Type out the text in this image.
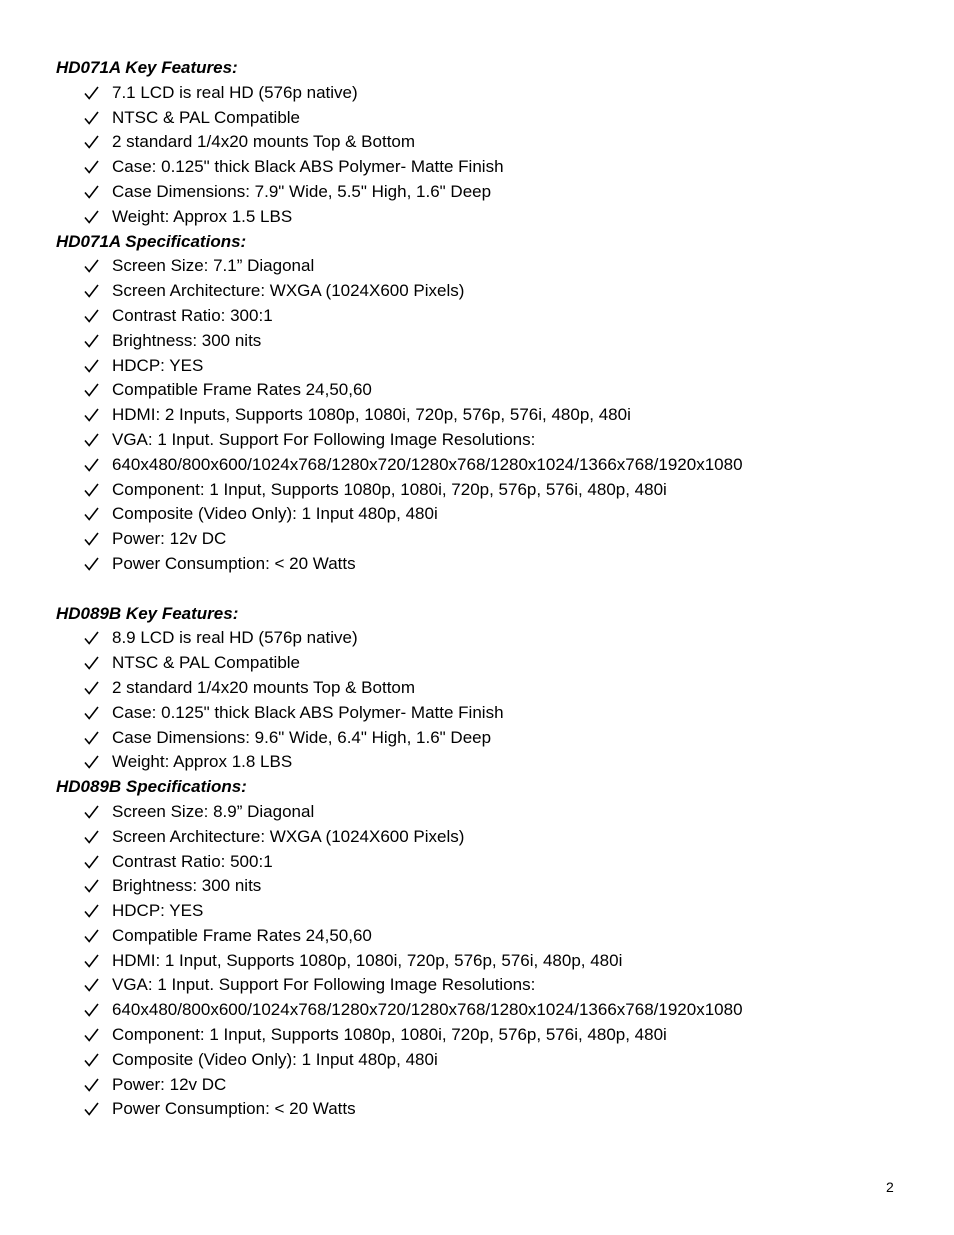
HD071A Key Features:
7.1 LCD is real HD (576p native)
NTSC & PAL Compatible
2 standard 1/4x20 mounts Top & Bottom
Case: 0.125" thick Black ABS Polymer- Matte Finish
Case Dimensions: 7.9" Wide, 5.5" High, 1.6" Deep
Weight: Approx 1.5 LBS
HD071A Specifications:
Screen Size: 7.1” Diagonal
Screen Architecture: WXGA (1024X600 Pixels)
Contrast Ratio: 300:1
Brightness: 300 nits
HDCP: YES
Compatible Frame Rates 24,50,60
HDMI: 2 Inputs, Supports 1080p, 1080i, 720p, 576p, 576i, 480p, 480i
VGA: 1 Input. Support For Following Image Resolutions:
640x480/800x600/1024x768/1280x720/1280x768/1280x1024/1366x768/1920x1080
Component: 1 Input, Supports 1080p, 1080i, 720p, 576p, 576i, 480p, 480i
Composite (Video Only): 1 Input 480p, 480i
Power: 12v DC
Power Consumption: < 20 Watts
HD089B Key Features:
8.9 LCD is real HD (576p native)
NTSC & PAL Compatible
2 standard 1/4x20 mounts Top & Bottom
Case: 0.125" thick Black ABS Polymer- Matte Finish
Case Dimensions: 9.6" Wide, 6.4" High, 1.6" Deep
Weight: Approx 1.8 LBS
HD089B Specifications:
Screen Size: 8.9” Diagonal
Screen Architecture: WXGA (1024X600 Pixels)
Contrast Ratio: 500:1
Brightness: 300 nits
HDCP: YES
Compatible Frame Rates 24,50,60
HDMI: 1 Input, Supports 1080p, 1080i, 720p, 576p, 576i, 480p, 480i
VGA: 1 Input. Support For Following Image Resolutions:
640x480/800x600/1024x768/1280x720/1280x768/1280x1024/1366x768/1920x1080
Component: 1 Input, Supports 1080p, 1080i, 720p, 576p, 576i, 480p, 480i
Composite (Video Only): 1 Input 480p, 480i
Power: 12v DC
Power Consumption: < 20 Watts
2
